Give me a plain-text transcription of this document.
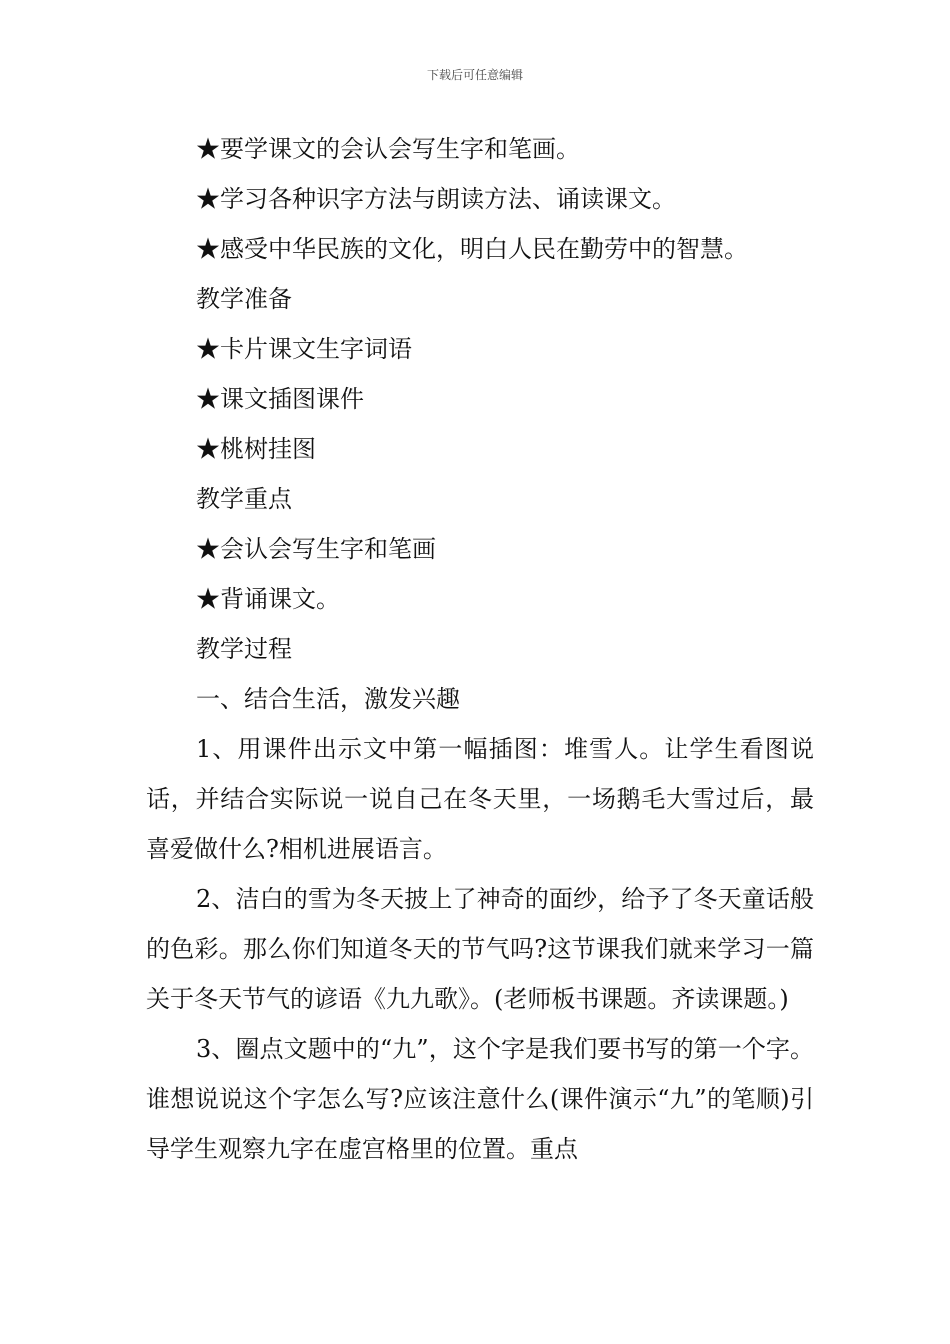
下载后可任意编辑
★要学课文的会认会写生字和笔画。
★学习各种识字方法与朗读方法、诵读课文。
★感受中华民族的文化，明白人民在勤劳中的智慧。
教学准备
★卡片课文生字词语
★课文插图课件
★桃树挂图
教学重点
★会认会写生字和笔画
★背诵课文。
教学过程
一、结合生活，激发兴趣

1、用课件出示文中第一幅插图：堆雪人。让学生看图说话，并结合实际说一说自己在冬天里，一场鹅毛大雪过后，最喜爱做什么?相机进展语言。

2、洁白的雪为冬天披上了神奇的面纱，给予了冬天童话般的色彩。那么你们知道冬天的节气吗?这节课我们就来学习一篇关于冬天节气的谚语《九九歌》。(老师板书课题。齐读课题。)

3、圈点文题中的“九”，这个字是我们要书写的第一个字。谁想说说这个字怎么写?应该注意什么(课件演示“九”的笔顺)引导学生观察九字在虚宫格里的位置。重点
